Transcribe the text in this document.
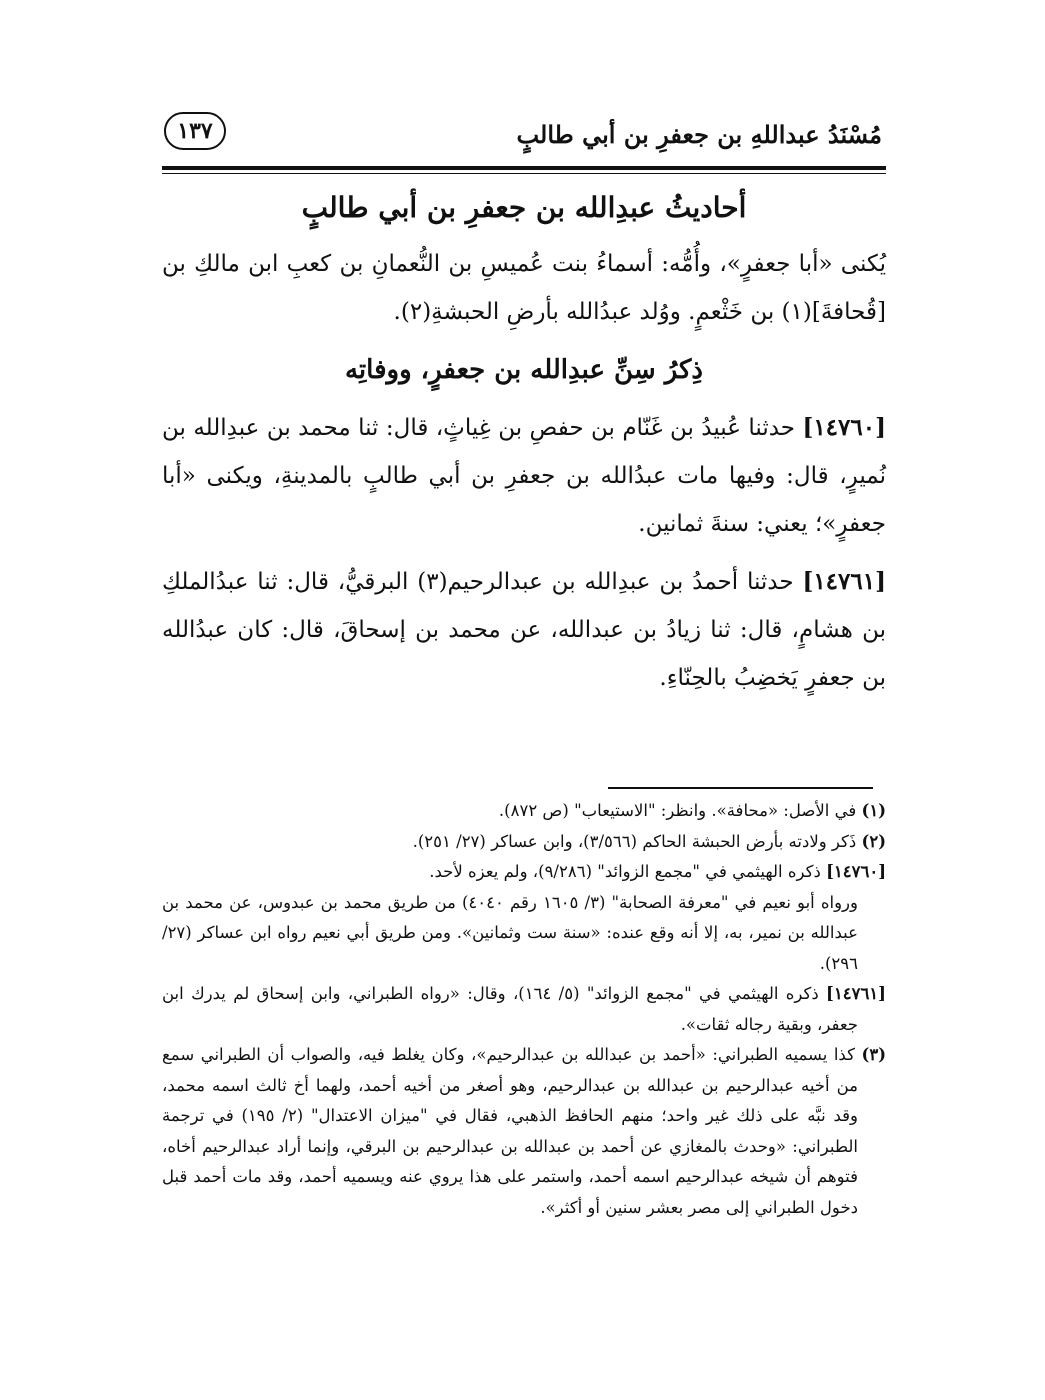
مُسْنَدُ عبداللهِ بن جعفرِ بن أبي طالبٍ
١٣٧
أحاديثُ عبدِالله بن جعفرِ بن أبي طالبٍ

يُكنى «أبا جعفرٍ»، وأُمُّه: أسماءُ بنت عُميسِ بن النُّعمانِ بن كعبِ ابن مالكِ بن [قُحافةَ](١) بن خَثْعمٍ. ووُلد عبدُالله بأرضِ الحبشةِ(٢).

ذِكرُ سِنِّ عبدِالله بن جعفرٍ، ووفاتِه

[١٤٧٦٠] حدثنا عُبيدُ بن غَنّام بن حفصِ بن غِياثٍ، قال: ثنا محمد بن عبدِالله بن نُميرٍ، قال: وفيها مات عبدُالله بن جعفرِ بن أبي طالبٍ بالمدينةِ، ويكنى «أبا جعفرٍ»؛ يعني: سنةَ ثمانين.

[١٤٧٦١] حدثنا أحمدُ بن عبدِالله بن عبدالرحيم(٣) البرقيُّ، قال: ثنا عبدُالملكِ بن هشامٍ، قال: ثنا زيادُ بن عبدالله، عن محمد بن إسحاقَ، قال: كان عبدُالله بن جعفرٍ يَخضِبُ بالحِنّاءِ.

(١) في الأصل: «محافة». وانظر: "الاستيعاب" (ص ٨٧٢).

(٢) ذَكر ولادته بأرض الحبشة الحاكم (٣/٥٦٦)، وابن عساكر (٢٧/ ٢٥١).

[١٤٧٦٠] ذكره الهيثمي في "مجمع الزوائد" (٩/٢٨٦)، ولم يعزه لأحد.

ورواه أبو نعيم في "معرفة الصحابة" (٣/ ١٦٠٥ رقم ٤٠٤٠) من طريق محمد بن عبدوس، عن محمد بن عبدالله بن نمير، به، إلا أنه وقع عنده: «سنة ست وثمانين». ومن طريق أبي نعيم رواه ابن عساكر (٢٧/ ٢٩٦).

[١٤٧٦١] ذكره الهيثمي في "مجمع الزوائد" (٥/ ١٦٤)، وقال: «رواه الطبراني، وابن إسحاق لم يدرك ابن جعفر، وبقية رجاله ثقات».

(٣) كذا يسميه الطبراني: «أحمد بن عبدالله بن عبدالرحيم»، وكان يغلط فيه، والصواب أن الطبراني سمع من أخيه عبدالرحيم بن عبدالله بن عبدالرحيم، وهو أصغر من أخيه أحمد، ولهما أخ ثالث اسمه محمد، وقد نبَّه على ذلك غير واحد؛ منهم الحافظ الذهبي، فقال في "ميزان الاعتدال" (٢/ ١٩٥) في ترجمة الطبراني: «وحدث بالمغازي عن أحمد بن عبدالله بن عبدالرحيم بن البرقي، وإنما أراد عبدالرحيم أخاه، فتوهم أن شيخه عبدالرحيم اسمه أحمد، واستمر على هذا يروي عنه ويسميه أحمد، وقد مات أحمد قبل دخول الطبراني إلى مصر بعشر سنين أو أكثر».
